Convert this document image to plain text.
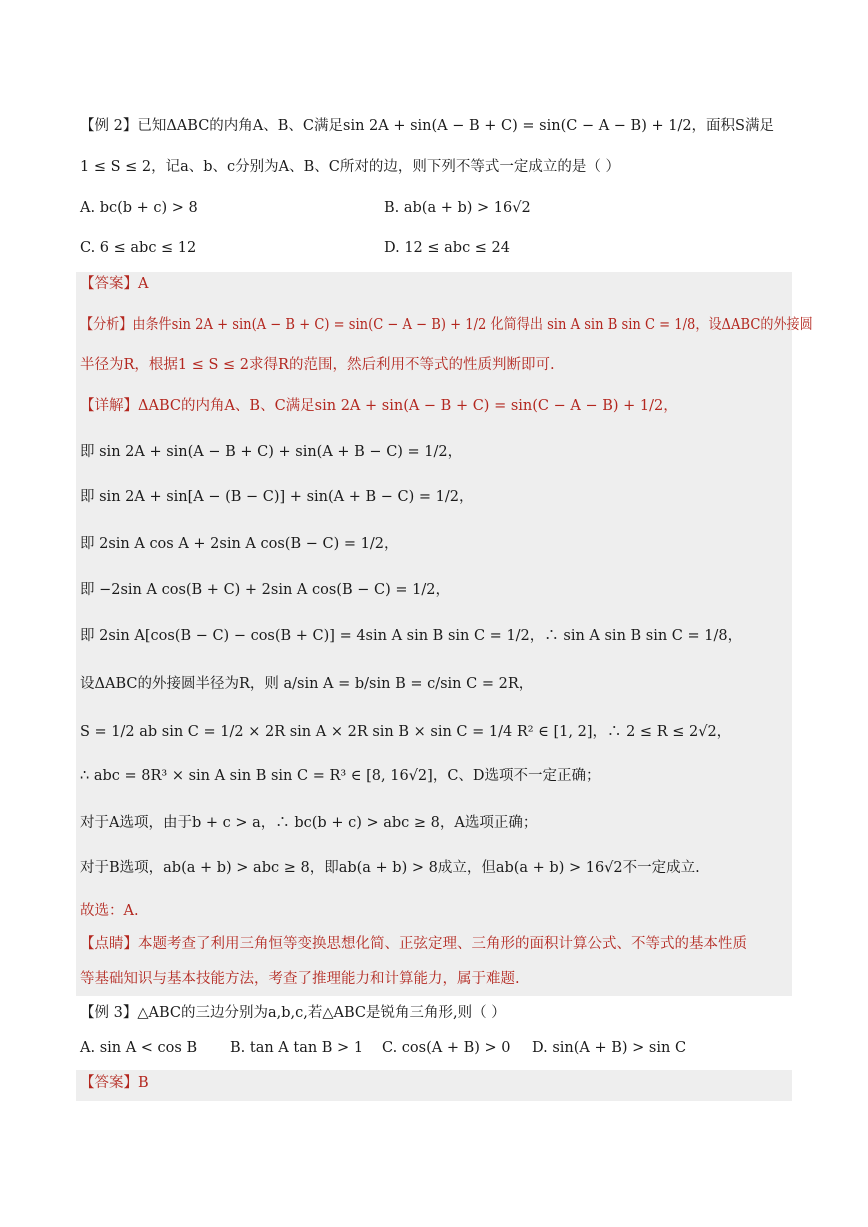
【例 2】已知ΔABC的内角A、B、C满足sin 2A + sin(A − B + C) = sin(C − A − B) + 1/2，面积S满足
1 ≤ S ≤ 2，记a、b、c分别为A、B、C所对的边，则下列不等式一定成立的是（ ）
A. bc(b + c) > 8	B. ab(a + b) > 16√2
C. 6 ≤ abc ≤ 12	D. 12 ≤ abc ≤ 24
【答案】A
【分析】由条件sin 2A + sin(A − B + C) = sin(C − A − B) + 1/2 化简得出 sin A sin B sin C = 1/8，设ΔABC的外接圆
半径为R，根据1 ≤ S ≤ 2求得R的范围，然后利用不等式的性质判断即可.
【详解】ΔABC的内角A、B、C满足sin 2A + sin(A − B + C) = sin(C − A − B) + 1/2，
即 sin 2A + sin(A − B + C) + sin(A + B − C) = 1/2，
即 sin 2A + sin[A − (B − C)] + sin(A + B − C) = 1/2，
即 2sin A cos A + 2sin A cos(B − C) = 1/2，
即 −2sin A cos(B + C) + 2sin A cos(B − C) = 1/2，
即 2sin A[cos(B − C) − cos(B + C)] = 4sin A sin B sin C = 1/2，∴ sin A sin B sin C = 1/8，
设ΔABC的外接圆半径为R，则 a/sin A = b/sin B = c/sin C = 2R，
S = 1/2 ab sin C = 1/2 × 2R sin A × 2R sin B × sin C = 1/4 R² ∈ [1, 2]，∴ 2 ≤ R ≤ 2√2，
∴ abc = 8R³ × sin A sin B sin C = R³ ∈ [8, 16√2]，C、D选项不一定正确；
对于A选项，由于b + c > a，∴ bc(b + c) > abc ≥ 8，A选项正确；
对于B选项，ab(a + b) > abc ≥ 8，即ab(a + b) > 8成立，但ab(a + b) > 16√2不一定成立.
故选：A.
【点睛】本题考查了利用三角恒等变换思想化简、正弦定理、三角形的面积计算公式、不等式的基本性质
等基础知识与基本技能方法，考查了推理能力和计算能力，属于难题.
【例 3】△ABC的三边分别为a,b,c,若△ABC是锐角三角形,则（ ）
A. sin A < cos B B. tan A tan B > 1 C. cos(A + B) > 0 D. sin(A + B) > sin C
【答案】B
